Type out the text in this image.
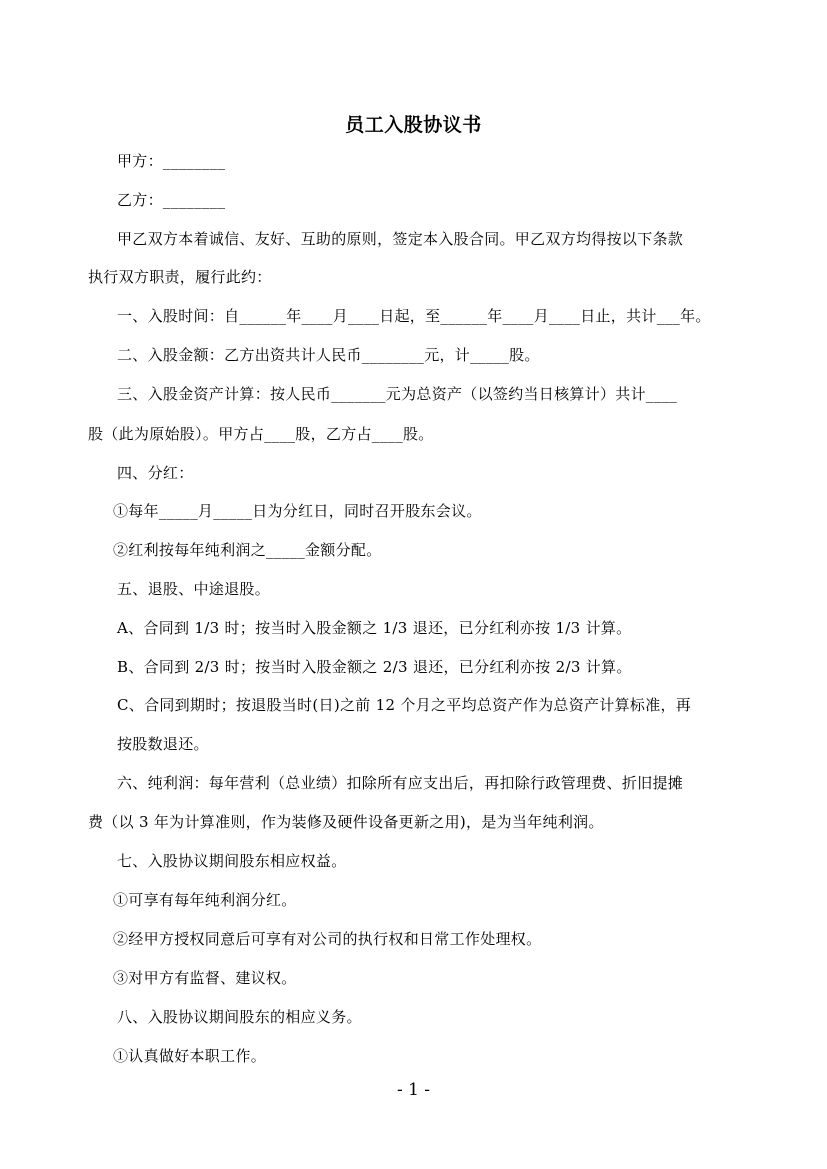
员工入股协议书
甲方：________
乙方：________
甲乙双方本着诚信、友好、互助的原则，签定本入股合同。甲乙双方均得按以下条款
执行双方职责，履行此约：
一、入股时间：自______年____月____日起，至______年____月____日止，共计___年。
二、入股金额：乙方出资共计人民币________元，计_____股。
三、入股金资产计算：按人民币_______元为总资产（以签约当日核算计）共计____
股（此为原始股）。甲方占____股，乙方占____股。
四、分红：
①每年_____月_____日为分红日，同时召开股东会议。
②红利按每年纯利润之_____金额分配。
五、退股、中途退股。
A、合同到 1/3 时；按当时入股金额之 1/3 退还，已分红利亦按 1/3 计算。
B、合同到 2/3 时；按当时入股金额之 2/3 退还，已分红利亦按 2/3 计算。
C、合同到期时；按退股当时(日)之前 12 个月之平均总资产作为总资产计算标准，再
按股数退还。
六、纯利润：每年营利（总业绩）扣除所有应支出后，再扣除行政管理费、折旧提摊
费（以 3 年为计算准则，作为装修及硬件设备更新之用)，是为当年纯利润。
七、入股协议期间股东相应权益。
①可享有每年纯利润分红。
②经甲方授权同意后可享有对公司的执行权和日常工作处理权。
③对甲方有监督、建议权。
八、入股协议期间股东的相应义务。
①认真做好本职工作。
- 1 -
